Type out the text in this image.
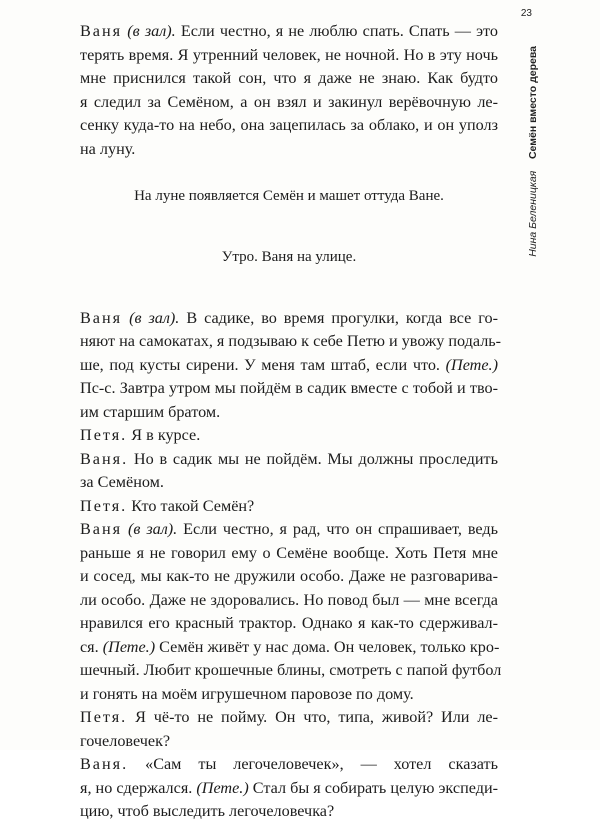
23
Нина Беленицкая    Семён вместо дерева
Ваня (в зал). Если честно, я не люблю спать. Спать — это
терять время. Я утренний человек, не ночной. Но в эту ночь
мне приснился такой сон, что я даже не знаю. Как будто
я следил за Семёном, а он взял и закинул верёвочную ле-
сенку куда-то на небо, она зацепилась за облако, и он уполз
на луну.
На луне появляется Семён и машет оттуда Ване.
Утро. Ваня на улице.
Ваня (в зал). В садике, во время прогулки, когда все го-
няют на самокатах, я подзываю к себе Петю и увожу подаль-
ше, под кусты сирени. У меня там штаб, если что. (Пете.)
Пс-с. Завтра утром мы пойдём в садик вместе с тобой и тво-
им старшим братом.
Петя. Я в курсе.
Ваня. Но в садик мы не пойдём. Мы должны проследить
за Семёном.
Петя. Кто такой Семён?
Ваня (в зал). Если честно, я рад, что он спрашивает, ведь
раньше я не говорил ему о Семёне вообще. Хоть Петя мне
и сосед, мы как-то не дружили особо. Даже не разговарива-
ли особо. Даже не здоровались. Но повод был — мне всегда
нравился его красный трактор. Однако я как-то сдерживал-
ся. (Пете.) Семён живёт у нас дома. Он человек, только кро-
шечный. Любит крошечные блины, смотреть с папой футбол
и гонять на моём игрушечном паровозе по дому.
Петя. Я чё-то не пойму. Он что, типа, живой? Или ле-
гочеловечек?
Ваня. «Сам ты легочеловечек», — хотел сказать
я, но сдержался. (Пете.) Стал бы я собирать целую экспеди-
цию, чтоб выследить легочеловечка?
